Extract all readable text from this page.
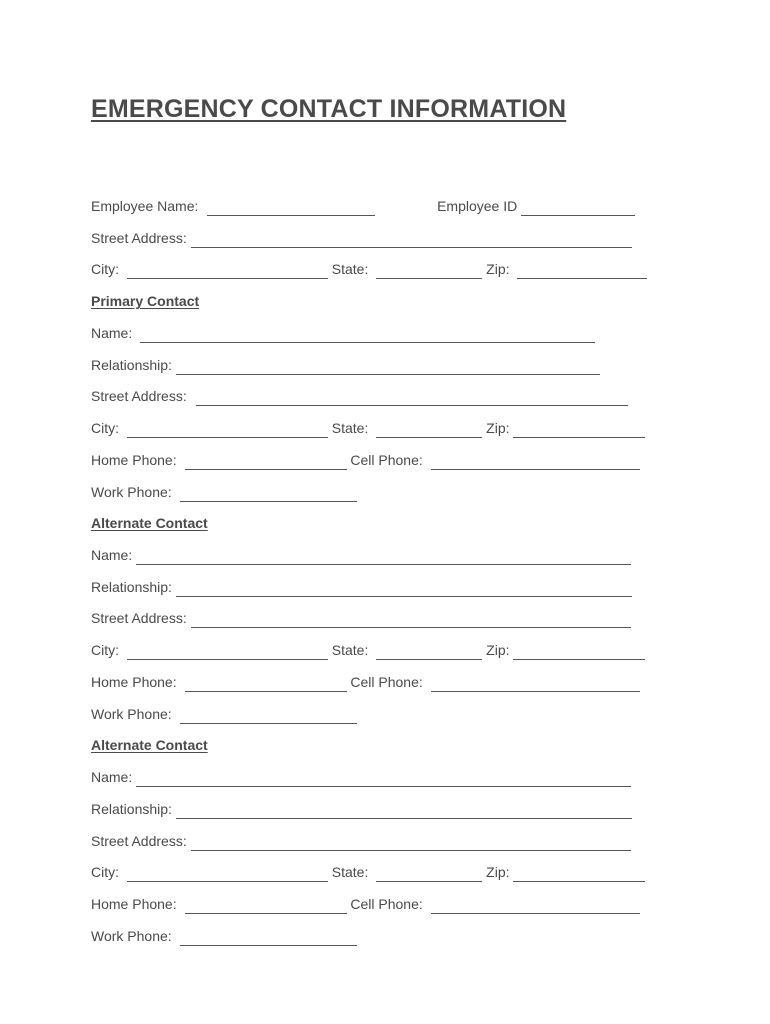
EMERGENCY CONTACT INFORMATION
Employee Name:	Employee ID
Street Address:
City:	State:	Zip:
Primary Contact
Name:
Relationship:
Street Address:
City:	State:	Zip:
Home Phone:	Cell Phone:
Work Phone:
Alternate Contact
Name:
Relationship:
Street Address:
City:	State:	Zip:
Home Phone:	Cell Phone:
Work Phone:
Alternate Contact
Name:
Relationship:
Street Address:
City:	State:	Zip:
Home Phone:	Cell Phone:
Work Phone:
